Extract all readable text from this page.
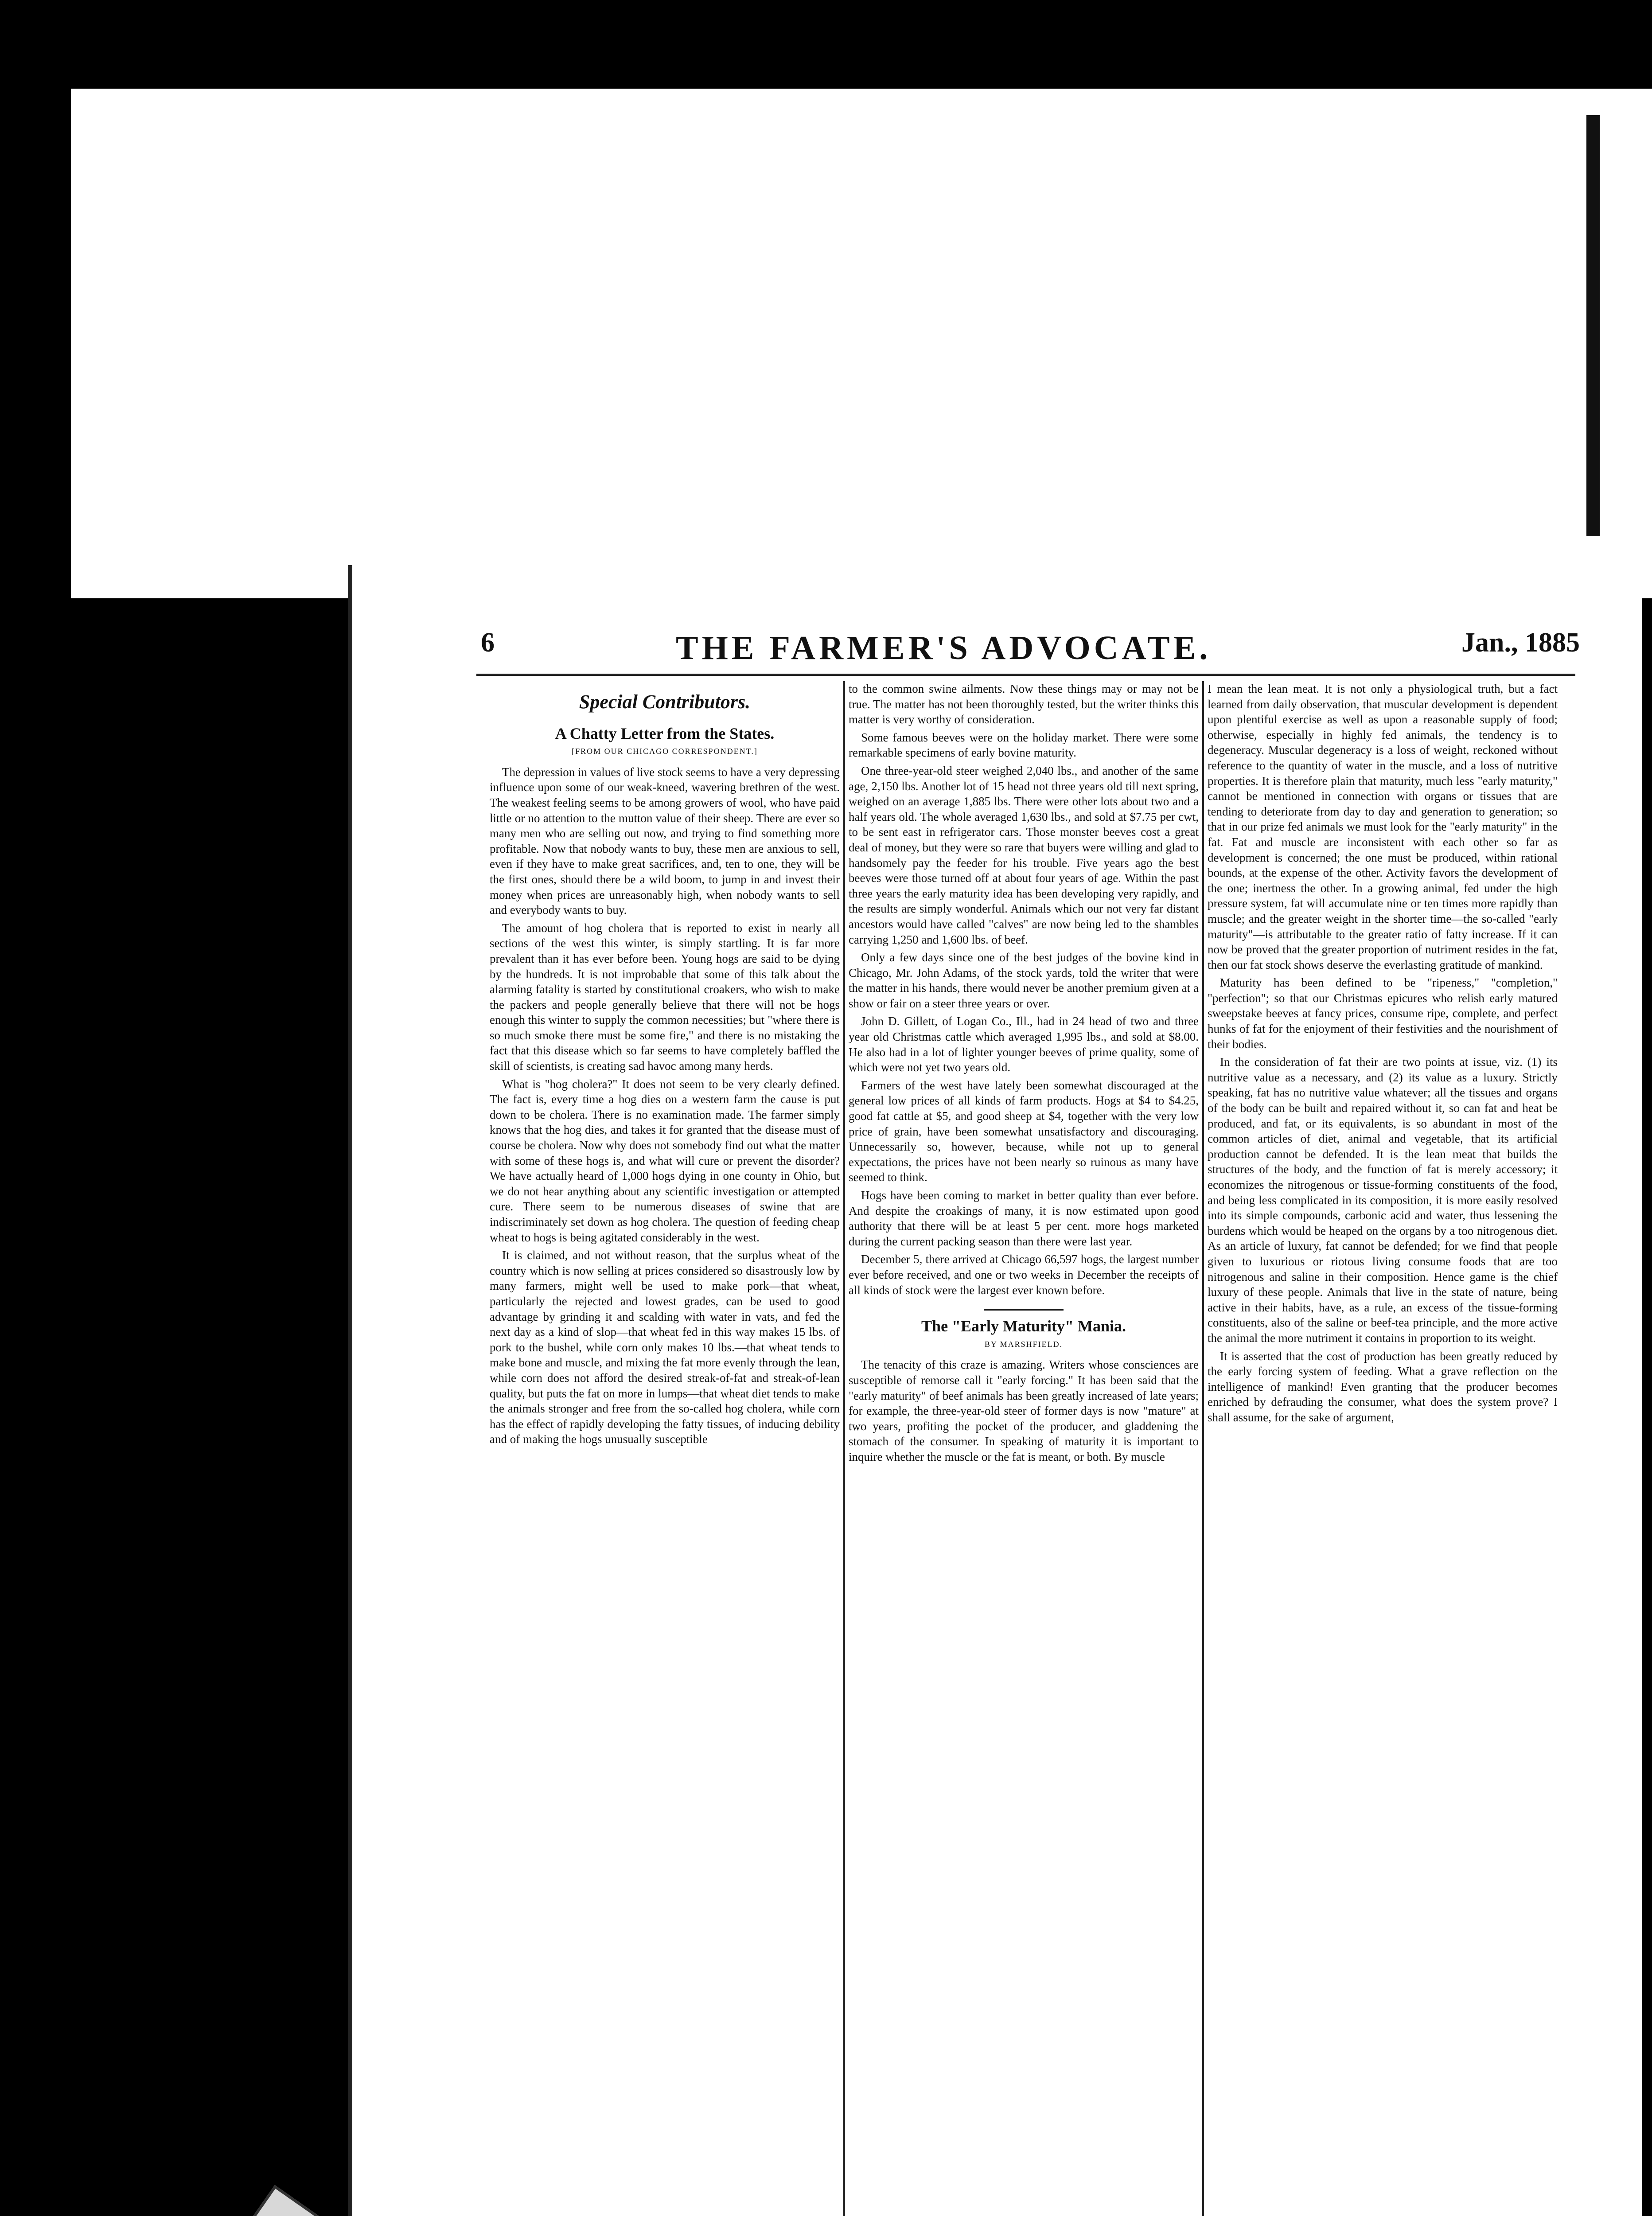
6	THE FARMER'S ADVOCATE.	Jan., 1885
Special Contributors.
A Chatty Letter from the States.
[FROM OUR CHICAGO CORRESPONDENT.]

The depression in values of live stock seems to have a very depressing influence upon some of our weak-kneed, wavering brethren of the west. The weakest feeling seems to be among growers of wool, who have paid little or no attention to the mutton value of their sheep. There are ever so many men who are selling out now, and trying to find something more profitable. Now that nobody wants to buy, these men are anxious to sell, even if they have to make great sacrifices, and, ten to one, they will be the first ones, should there be a wild boom, to jump in and invest their money when prices are unreasonably high, when nobody wants to sell and everybody wants to buy.

The amount of hog cholera that is reported to exist in nearly all sections of the west this winter, is simply startling. It is far more prevalent than it has ever before been. Young hogs are said to be dying by the hundreds. It is not improbable that some of this talk about the alarming fatality is started by constitutional croakers, who wish to make the packers and people generally believe that there will not be hogs enough this winter to supply the common necessities; but "where there is so much smoke there must be some fire," and there is no mistaking the fact that this disease which so far seems to have completely baffled the skill of scientists, is creating sad havoc among many herds.

What is "hog cholera?" It does not seem to be very clearly defined. The fact is, every time a hog dies on a western farm the cause is put down to be cholera. There is no examination made. The farmer simply knows that the hog dies, and takes it for granted that the disease must of course be cholera. Now why does not somebody find out what the matter with some of these hogs is, and what will cure or prevent the disorder? We have actually heard of 1,000 hogs dying in one county in Ohio, but we do not hear anything about any scientific investigation or attempted cure. There seem to be numerous diseases of swine that are indiscriminately set down as hog cholera. The question of feeding cheap wheat to hogs is being agitated considerably in the west.

It is claimed, and not without reason, that the surplus wheat of the country which is now selling at prices considered so disastrously low by many farmers, might well be used to make pork—that wheat, particularly the rejected and lowest grades, can be used to good advantage by grinding it and scalding with water in vats, and fed the next day as a kind of slop—that wheat fed in this way makes 15 lbs. of pork to the bushel, while corn only makes 10 lbs.—that wheat tends to make bone and muscle, and mixing the fat more evenly through the lean, while corn does not afford the desired streak-of-fat and streak-of-lean quality, but puts the fat on more in lumps—that wheat diet tends to make the animals stronger and free from the so-called hog cholera, while corn has the effect of rapidly developing the fatty tissues, of inducing debility and of making the hogs unusually susceptible

to the common swine ailments. Now these things may or may not be true. The matter has not been thoroughly tested, but the writer thinks this matter is very worthy of consideration.

Some famous beeves were on the holiday market. There were some remarkable specimens of early bovine maturity.

One three-year-old steer weighed 2,040 lbs., and another of the same age, 2,150 lbs. Another lot of 15 head not three years old till next spring, weighed on an average 1,885 lbs. There were other lots about two and a half years old. The whole averaged 1,630 lbs., and sold at $7.75 per cwt, to be sent east in refrigerator cars. Those monster beeves cost a great deal of money, but they were so rare that buyers were willing and glad to handsomely pay the feeder for his trouble. Five years ago the best beeves were those turned off at about four years of age. Within the past three years the early maturity idea has been developing very rapidly, and the results are simply wonderful. Animals which our not very far distant ancestors would have called "calves" are now being led to the shambles carrying 1,250 and 1,600 lbs. of beef.

Only a few days since one of the best judges of the bovine kind in Chicago, Mr. John Adams, of the stock yards, told the writer that were the matter in his hands, there would never be another premium given at a show or fair on a steer three years or over.

John D. Gillett, of Logan Co., Ill., had in 24 head of two and three year old Christmas cattle which averaged 1,995 lbs., and sold at $8.00. He also had in a lot of lighter younger beeves of prime quality, some of which were not yet two years old.

Farmers of the west have lately been somewhat discouraged at the general low prices of all kinds of farm products. Hogs at $4 to $4.25, good fat cattle at $5, and good sheep at $4, together with the very low price of grain, have been somewhat unsatisfactory and discouraging. Unnecessarily so, however, because, while not up to general expectations, the prices have not been nearly so ruinous as many have seemed to think.

Hogs have been coming to market in better quality than ever before. And despite the croakings of many, it is now estimated upon good authority that there will be at least 5 per cent. more hogs marketed during the current packing season than there were last year.

December 5, there arrived at Chicago 66,597 hogs, the largest number ever before received, and one or two weeks in December the receipts of all kinds of stock were the largest ever known before.

The "Early Maturity" Mania.
BY MARSHFIELD.

The tenacity of this craze is amazing. Writers whose consciences are susceptible of remorse call it "early forcing." It has been said that the "early maturity" of beef animals has been greatly increased of late years; for example, the three-year-old steer of former days is now "mature" at two years, profiting the pocket of the producer, and gladdening the stomach of the consumer. In speaking of maturity it is important to inquire whether the muscle or the fat is meant, or both. By muscle

I mean the lean meat. It is not only a physiological truth, but a fact learned from daily observation, that muscular development is dependent upon plentiful exercise as well as upon a reasonable supply of food; otherwise, especially in highly fed animals, the tendency is to degeneracy. Muscular degeneracy is a loss of weight, reckoned without reference to the quantity of water in the muscle, and a loss of nutritive properties. It is therefore plain that maturity, much less "early maturity," cannot be mentioned in connection with organs or tissues that are tending to deteriorate from day to day and generation to generation; so that in our prize fed animals we must look for the "early maturity" in the fat. Fat and muscle are inconsistent with each other so far as development is concerned; the one must be produced, within rational bounds, at the expense of the other. Activity favors the development of the one; inertness the other. In a growing animal, fed under the high pressure system, fat will accumulate nine or ten times more rapidly than muscle; and the greater weight in the shorter time—the so-called "early maturity"—is attributable to the greater ratio of fatty increase. If it can now be proved that the greater proportion of nutriment resides in the fat, then our fat stock shows deserve the everlasting gratitude of mankind.

Maturity has been defined to be "ripeness," "completion," "perfection"; so that our Christmas epicures who relish early matured sweepstake beeves at fancy prices, consume ripe, complete, and perfect hunks of fat for the enjoyment of their festivities and the nourishment of their bodies.

In the consideration of fat their are two points at issue, viz. (1) its nutritive value as a necessary, and (2) its value as a luxury. Strictly speaking, fat has no nutritive value whatever; all the tissues and organs of the body can be built and repaired without it, so can fat and heat be produced, and fat, or its equivalents, is so abundant in most of the common articles of diet, animal and vegetable, that its artificial production cannot be defended. It is the lean meat that builds the structures of the body, and the function of fat is merely accessory; it economizes the nitrogenous or tissue-forming constituents of the food, and being less complicated in its composition, it is more easily resolved into its simple compounds, carbonic acid and water, thus lessening the burdens which would be heaped on the organs by a too nitrogenous diet. As an article of luxury, fat cannot be defended; for we find that people given to luxurious or riotous living consume foods that are too nitrogenous and saline in their composition. Hence game is the chief luxury of these people. Animals that live in the state of nature, being active in their habits, have, as a rule, an excess of the tissue-forming constituents, also of the saline or beef-tea principle, and the more active the animal the more nutriment it contains in proportion to its weight.

It is asserted that the cost of production has been greatly reduced by the early forcing system of feeding. What a grave reflection on the intelligence of mankind! Even granting that the producer becomes enriched by defrauding the consumer, what does the system prove? I shall assume, for the sake of argument,
